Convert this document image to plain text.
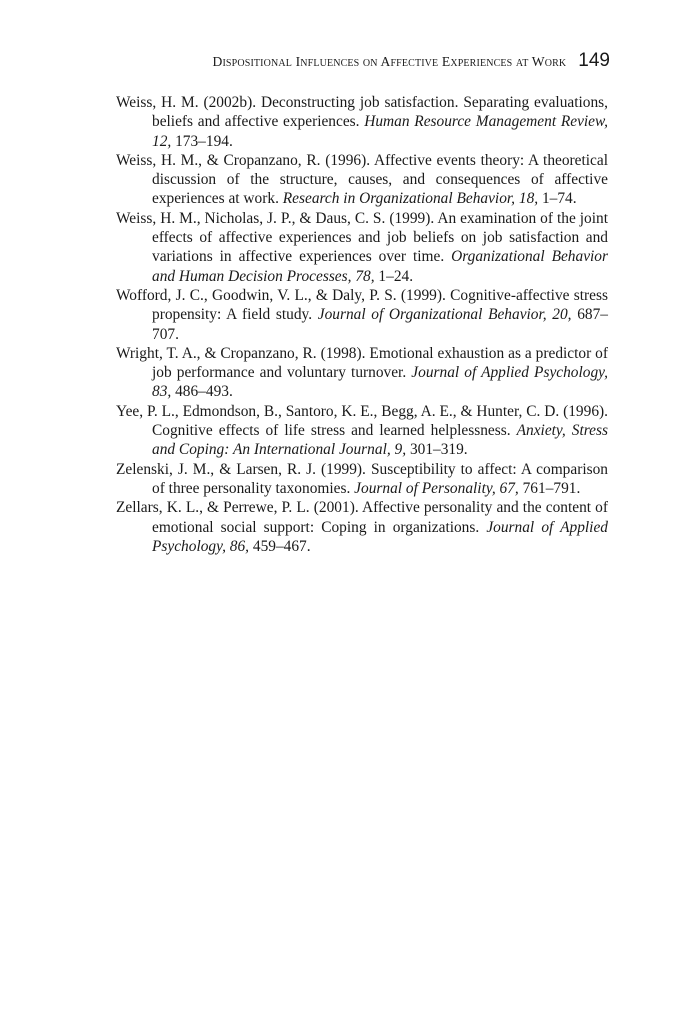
Dispositional Influences on Affective Experiences at Work 149

Weiss, H. M. (2002b). Deconstructing job satisfaction. Separating evaluations, beliefs and affective experiences. Human Resource Management Review, 12, 173–194.

Weiss, H. M., & Cropanzano, R. (1996). Affective events theory: A theoretical discussion of the structure, causes, and consequences of affective experiences at work. Research in Organizational Behavior, 18, 1–74.

Weiss, H. M., Nicholas, J. P., & Daus, C. S. (1999). An examination of the joint effects of affective experiences and job beliefs on job satisfaction and variations in affective experiences over time. Organizational Behavior and Human Decision Processes, 78, 1–24.

Wofford, J. C., Goodwin, V. L., & Daly, P. S. (1999). Cognitive-affective stress propensity: A field study. Journal of Organizational Behavior, 20, 687–707.

Wright, T. A., & Cropanzano, R. (1998). Emotional exhaustion as a predictor of job performance and voluntary turnover. Journal of Applied Psychology, 83, 486–493.

Yee, P. L., Edmondson, B., Santoro, K. E., Begg, A. E., & Hunter, C. D. (1996). Cognitive effects of life stress and learned helplessness. Anxiety, Stress and Coping: An International Journal, 9, 301–319.

Zelenski, J. M., & Larsen, R. J. (1999). Susceptibility to affect: A comparison of three personality taxonomies. Journal of Personality, 67, 761–791.

Zellars, K. L., & Perrewe, P. L. (2001). Affective personality and the content of emotional social support: Coping in organizations. Journal of Applied Psychology, 86, 459–467.
